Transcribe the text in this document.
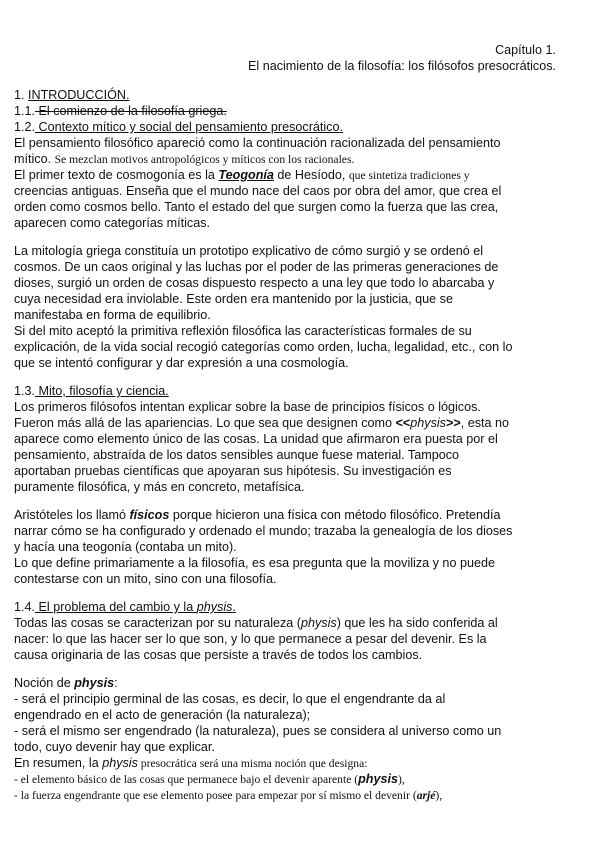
Capítulo 1.
El nacimiento de la filosofía: los filósofos presocráticos.
1. INTRODUCCIÓN.
1.1. El comienzo de la filosofía griega.
1.2. Contexto mítico y social del pensamiento presocrático.
El pensamiento filosófico apareció como la continuación racionalizada del pensamiento
mítico. Se mezclan motivos antropológicos y míticos con los racionales.
El primer texto de cosmogonía es la Teogonía de Hesíodo, que sintetiza tradiciones y
creencias antiguas. Enseña que el mundo nace del caos por obra del amor, que crea el
orden como cosmos bello. Tanto el estado del que surgen como la fuerza que las crea,
aparecen como categorías míticas.
La mitología griega constituía un prototipo explicativo de cómo surgió y se ordenó el
cosmos. De un caos original y las luchas por el poder de las primeras generaciones de
dioses, surgió un orden de cosas dispuesto respecto a una ley que todo lo abarcaba y
cuya necesidad era inviolable. Este orden era mantenido por la justicia, que se
manifestaba en forma de equilibrio.
Si del mito aceptó la primitiva reflexión filosófica las características formales de su
explicación, de la vida social recogió categorías como orden, lucha, legalidad, etc., con lo
que se intentó configurar y dar expresión a una cosmología.
1.3. Mito, filosofía y ciencia.
Los primeros filósofos intentan explicar sobre la base de principios físicos o lógicos.
Fueron más allá de las apariencias. Lo que sea que designen como <<physis>>, esta no
aparece como elemento único de las cosas. La unidad que afirmaron era puesta por el
pensamiento, abstraída de los datos sensibles aunque fuese material. Tampoco
aportaban pruebas científicas que apoyaran sus hipótesis. Su investigación es
puramente filosófica, y más en concreto, metafísica.
Aristóteles los llamó físicos porque hicieron una física con método filosófico. Pretendía
narrar cómo se ha configurado y ordenado el mundo; trazaba la genealogía de los dioses
y hacía una teogonía (contaba un mito).
Lo que define primariamente a la filosofía, es esa pregunta que la moviliza y no puede
contestarse con un mito, sino con una filosofía.
1.4. El problema del cambio y la physis.
Todas las cosas se caracterizan por su naturaleza (physis) que les ha sido conferida al
nacer: lo que las hacer ser lo que son, y lo que permanece a pesar del devenir. Es la
causa originaria de las cosas que persiste a través de todos los cambios.
Noción de physis:
- será el principio germinal de las cosas, es decir, lo que el engendrante da al
engendrado en el acto de generación (la naturaleza);
- será el mismo ser engendrado (la naturaleza), pues se considera al universo como un
todo, cuyo devenir hay que explicar.
En resumen, la physis presocrática será una misma noción que designa:
- el elemento básico de las cosas que permanece bajo el devenir aparente (physis),
- la fuerza engendrante que ese elemento posee para empezar por sí mismo el devenir (arjé),
